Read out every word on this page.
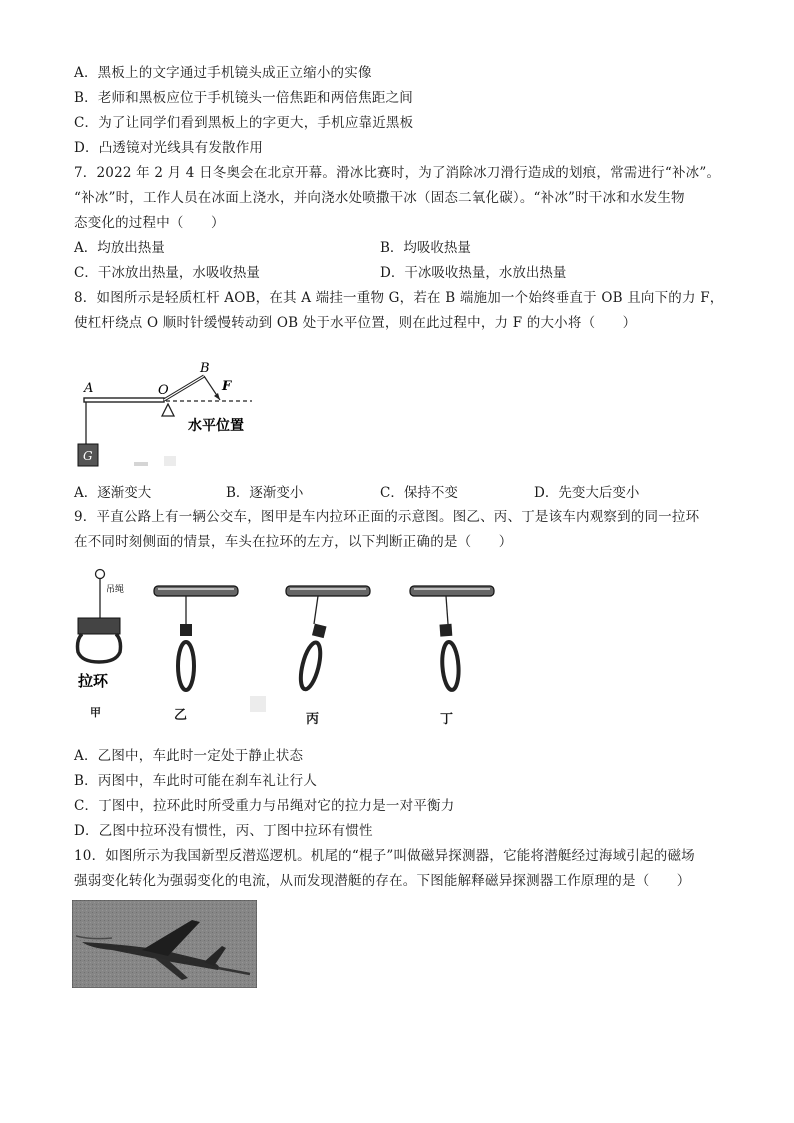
A．黑板上的文字通过手机镜头成正立缩小的实像
B．老师和黑板应位于手机镜头一倍焦距和两倍焦距之间
C．为了让同学们看到黑板上的字更大，手机应靠近黑板
D．凸透镜对光线具有发散作用
7．2022 年 2 月 4 日冬奥会在北京开幕。滑冰比赛时，为了消除冰刀滑行造成的划痕，常需进行“补冰”。
“补冰”时，工作人员在冰面上浇水，并向浇水处喷撒干冰（固态二氧化碳）。“补冰”时干冰和水发生物
态变化的过程中（　　）
A．均放出热量	B．均吸收热量
C．干冰放出热量，水吸收热量	D．干冰吸收热量，水放出热量
8．如图所示是轻质杠杆 AOB，在其 A 端挂一重物 G，若在 B 端施加一个始终垂直于 OB 且向下的力 F，
使杠杆绕点 O 顺时针缓慢转动到 OB 处于水平位置，则在此过程中，力 F 的大小将（　　）
G
A	O
B
F
水平位置
A．逐渐变大	B．逐渐变小	C．保持不变	D．先变大后变小
9．平直公路上有一辆公交车，图甲是车内拉环正面的示意图。图乙、丙、丁是该车内观察到的同一拉环
在不同时刻侧面的情景，车头在拉环的左方，以下判断正确的是（　　）
吊绳
拉环
甲	乙	丙	丁
A．乙图中，车此时一定处于静止状态
B．丙图中，车此时可能在刹车礼让行人
C．丁图中，拉环此时所受重力与吊绳对它的拉力是一对平衡力
D．乙图中拉环没有惯性，丙、丁图中拉环有惯性
10．如图所示为我国新型反潜巡逻机。机尾的“棍子”叫做磁异探测器，它能将潜艇经过海域引起的磁场
强弱变化转化为强弱变化的电流，从而发现潜艇的存在。下图能解释磁异探测器工作原理的是（　　）
